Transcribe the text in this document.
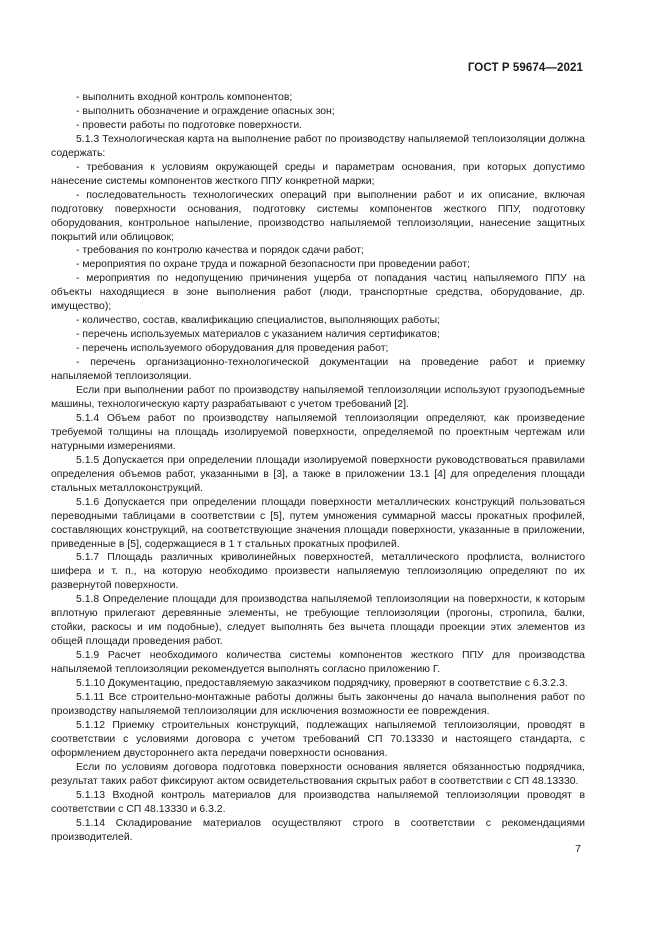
ГОСТ Р 59674—2021

- выполнить входной контроль компонентов;

- выполнить обозначение и ограждение опасных зон;

- провести работы по подготовке поверхности.

5.1.3 Технологическая карта на выполнение работ по производству напыляемой теплоизоляции должна содержать:

- требования к условиям окружающей среды и параметрам основания, при которых допустимо нанесение системы компонентов жесткого ППУ конкретной марки;

- последовательность технологических операций при выполнении работ и их описание, включая подготовку поверхности основания, подготовку системы компонентов жесткого ППУ, подготовку оборудования, контрольное напыление, производство напыляемой теплоизоляции, нанесение защитных покрытий или облицовок;

- требования по контролю качества и порядок сдачи работ;

- мероприятия по охране труда и пожарной безопасности при проведении работ;

- мероприятия по недопущению причинения ущерба от попадания частиц напыляемого ППУ на объекты находящиеся в зоне выполнения работ (люди, транспортные средства, оборудование, др. имущество);

- количество, состав, квалификацию специалистов, выполняющих работы;

- перечень используемых материалов с указанием наличия сертификатов;

- перечень используемого оборудования для проведения работ;

- перечень организационно-технологической документации на проведение работ и приемку напыляемой теплоизоляции.

Если при выполнении работ по производству напыляемой теплоизоляции используют грузоподъемные машины, технологическую карту разрабатывают с учетом требований [2].

5.1.4 Объем работ по производству напыляемой теплоизоляции определяют, как произведение требуемой толщины на площадь изолируемой поверхности, определяемой по проектным чертежам или натурными измерениями.

5.1.5 Допускается при определении площади изолируемой поверхности руководствоваться правилами определения объемов работ, указанными в [3], а также в приложении 13.1 [4] для определения площади стальных металлоконструкций.

5.1.6 Допускается при определении площади поверхности металлических конструкций пользоваться переводными таблицами в соответствии с [5], путем умножения суммарной массы прокатных профилей, составляющих конструкций, на соответствующие значения площади поверхности, указанные в приложении, приведенные в [5], содержащиеся в 1 т стальных прокатных профилей.

5.1.7 Площадь различных криволинейных поверхностей, металлического профлиста, волнистого шифера и т. п., на которую необходимо произвести напыляемую теплоизоляцию определяют по их развернутой поверхности.

5.1.8 Определение площади для производства напыляемой теплоизоляции на поверхности, к которым вплотную прилегают деревянные элементы, не требующие теплоизоляции (прогоны, стропила, балки, стойки, раскосы и им подобные), следует выполнять без вычета площади проекции этих элементов из общей площади проведения работ.

5.1.9 Расчет необходимого количества системы компонентов жесткого ППУ для производства напыляемой теплоизоляции рекомендуется выполнять согласно приложению Г.

5.1.10 Документацию, предоставляемую заказчиком подрядчику, проверяют в соответствие с 6.3.2.3.

5.1.11 Все строительно-монтажные работы должны быть закончены до начала выполнения работ по производству напыляемой теплоизоляции для исключения возможности ее повреждения.

5.1.12 Приемку строительных конструкций, подлежащих напыляемой теплоизоляции, проводят в соответствии с условиями договора с учетом требований СП 70.13330 и настоящего стандарта, с оформлением двустороннего акта передачи поверхности основания.

Если по условиям договора подготовка поверхности основания является обязанностью подрядчика, результат таких работ фиксируют актом освидетельствования скрытых работ в соответствии с СП 48.13330.

5.1.13 Входной контроль материалов для производства напыляемой теплоизоляции проводят в соответствии с СП 48.13330 и 6.3.2.

5.1.14 Складирование материалов осуществляют строго в соответствии с рекомендациями производителей.

7
